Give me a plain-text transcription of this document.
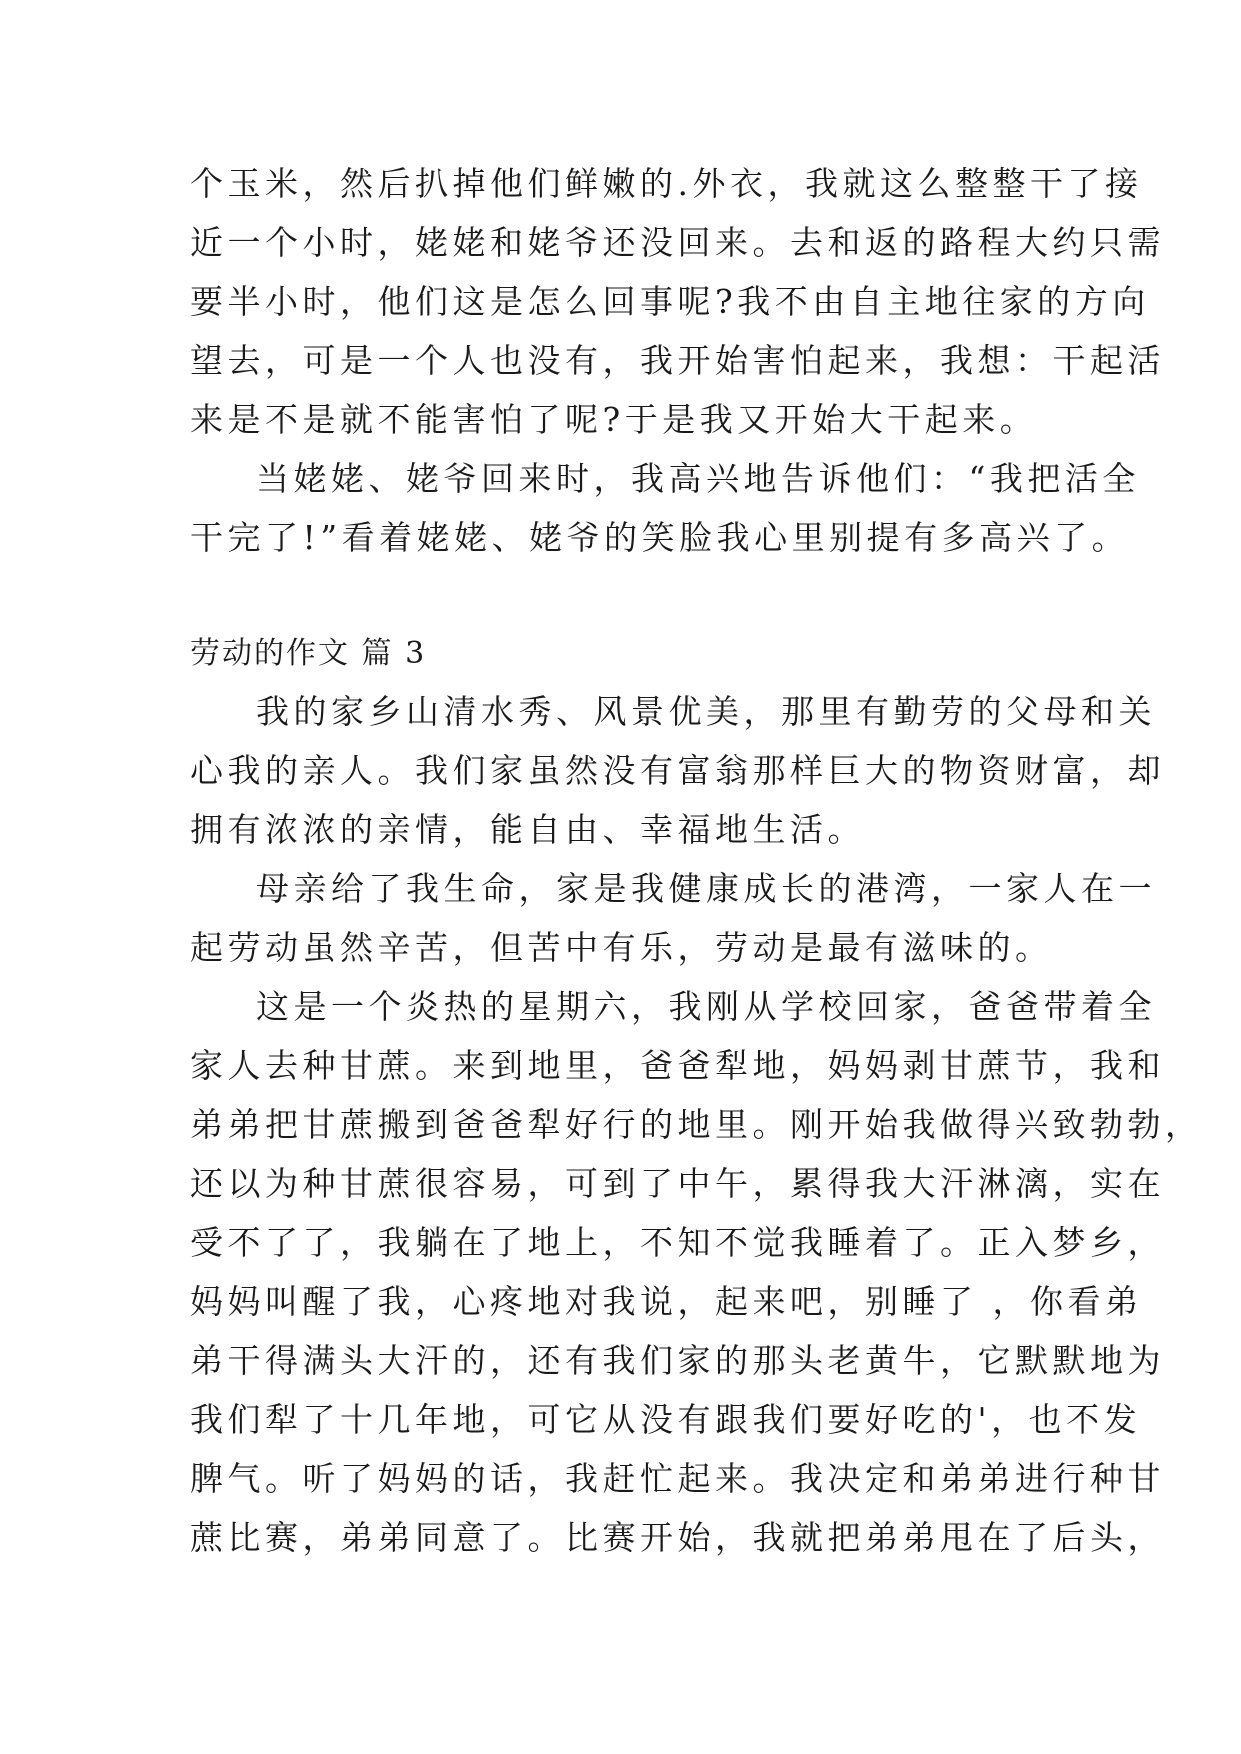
个玉米，然后扒掉他们鲜嫩的.外衣，我就这么整整干了接
近一个小时，姥姥和姥爷还没回来。去和返的路程大约只需
要半小时，他们这是怎么回事呢?我不由自主地往家的方向
望去，可是一个人也没有，我开始害怕起来，我想：干起活
来是不是就不能害怕了呢?于是我又开始大干起来。
当姥姥、姥爷回来时，我高兴地告诉他们：“我把活全
干完了!”看着姥姥、姥爷的笑脸我心里别提有多高兴了。
劳动的作文 篇 3
我的家乡山清水秀、风景优美，那里有勤劳的父母和关
心我的亲人。我们家虽然没有富翁那样巨大的物资财富，却
拥有浓浓的亲情，能自由、幸福地生活。
母亲给了我生命，家是我健康成长的港湾，一家人在一
起劳动虽然辛苦，但苦中有乐，劳动是最有滋味的。
这是一个炎热的星期六，我刚从学校回家，爸爸带着全
家人去种甘蔗。来到地里，爸爸犁地，妈妈剥甘蔗节，我和
弟弟把甘蔗搬到爸爸犁好行的地里。刚开始我做得兴致勃勃，
还以为种甘蔗很容易，可到了中午，累得我大汗淋漓，实在
受不了了，我躺在了地上，不知不觉我睡着了。正入梦乡，
妈妈叫醒了我，心疼地对我说，起来吧，别睡了 ，你看弟
弟干得满头大汗的，还有我们家的那头老黄牛，它默默地为
我们犁了十几年地，可它从没有跟我们要好吃的'，也不发
脾气。听了妈妈的话，我赶忙起来。我决定和弟弟进行种甘
蔗比赛，弟弟同意了。比赛开始，我就把弟弟甩在了后头，
